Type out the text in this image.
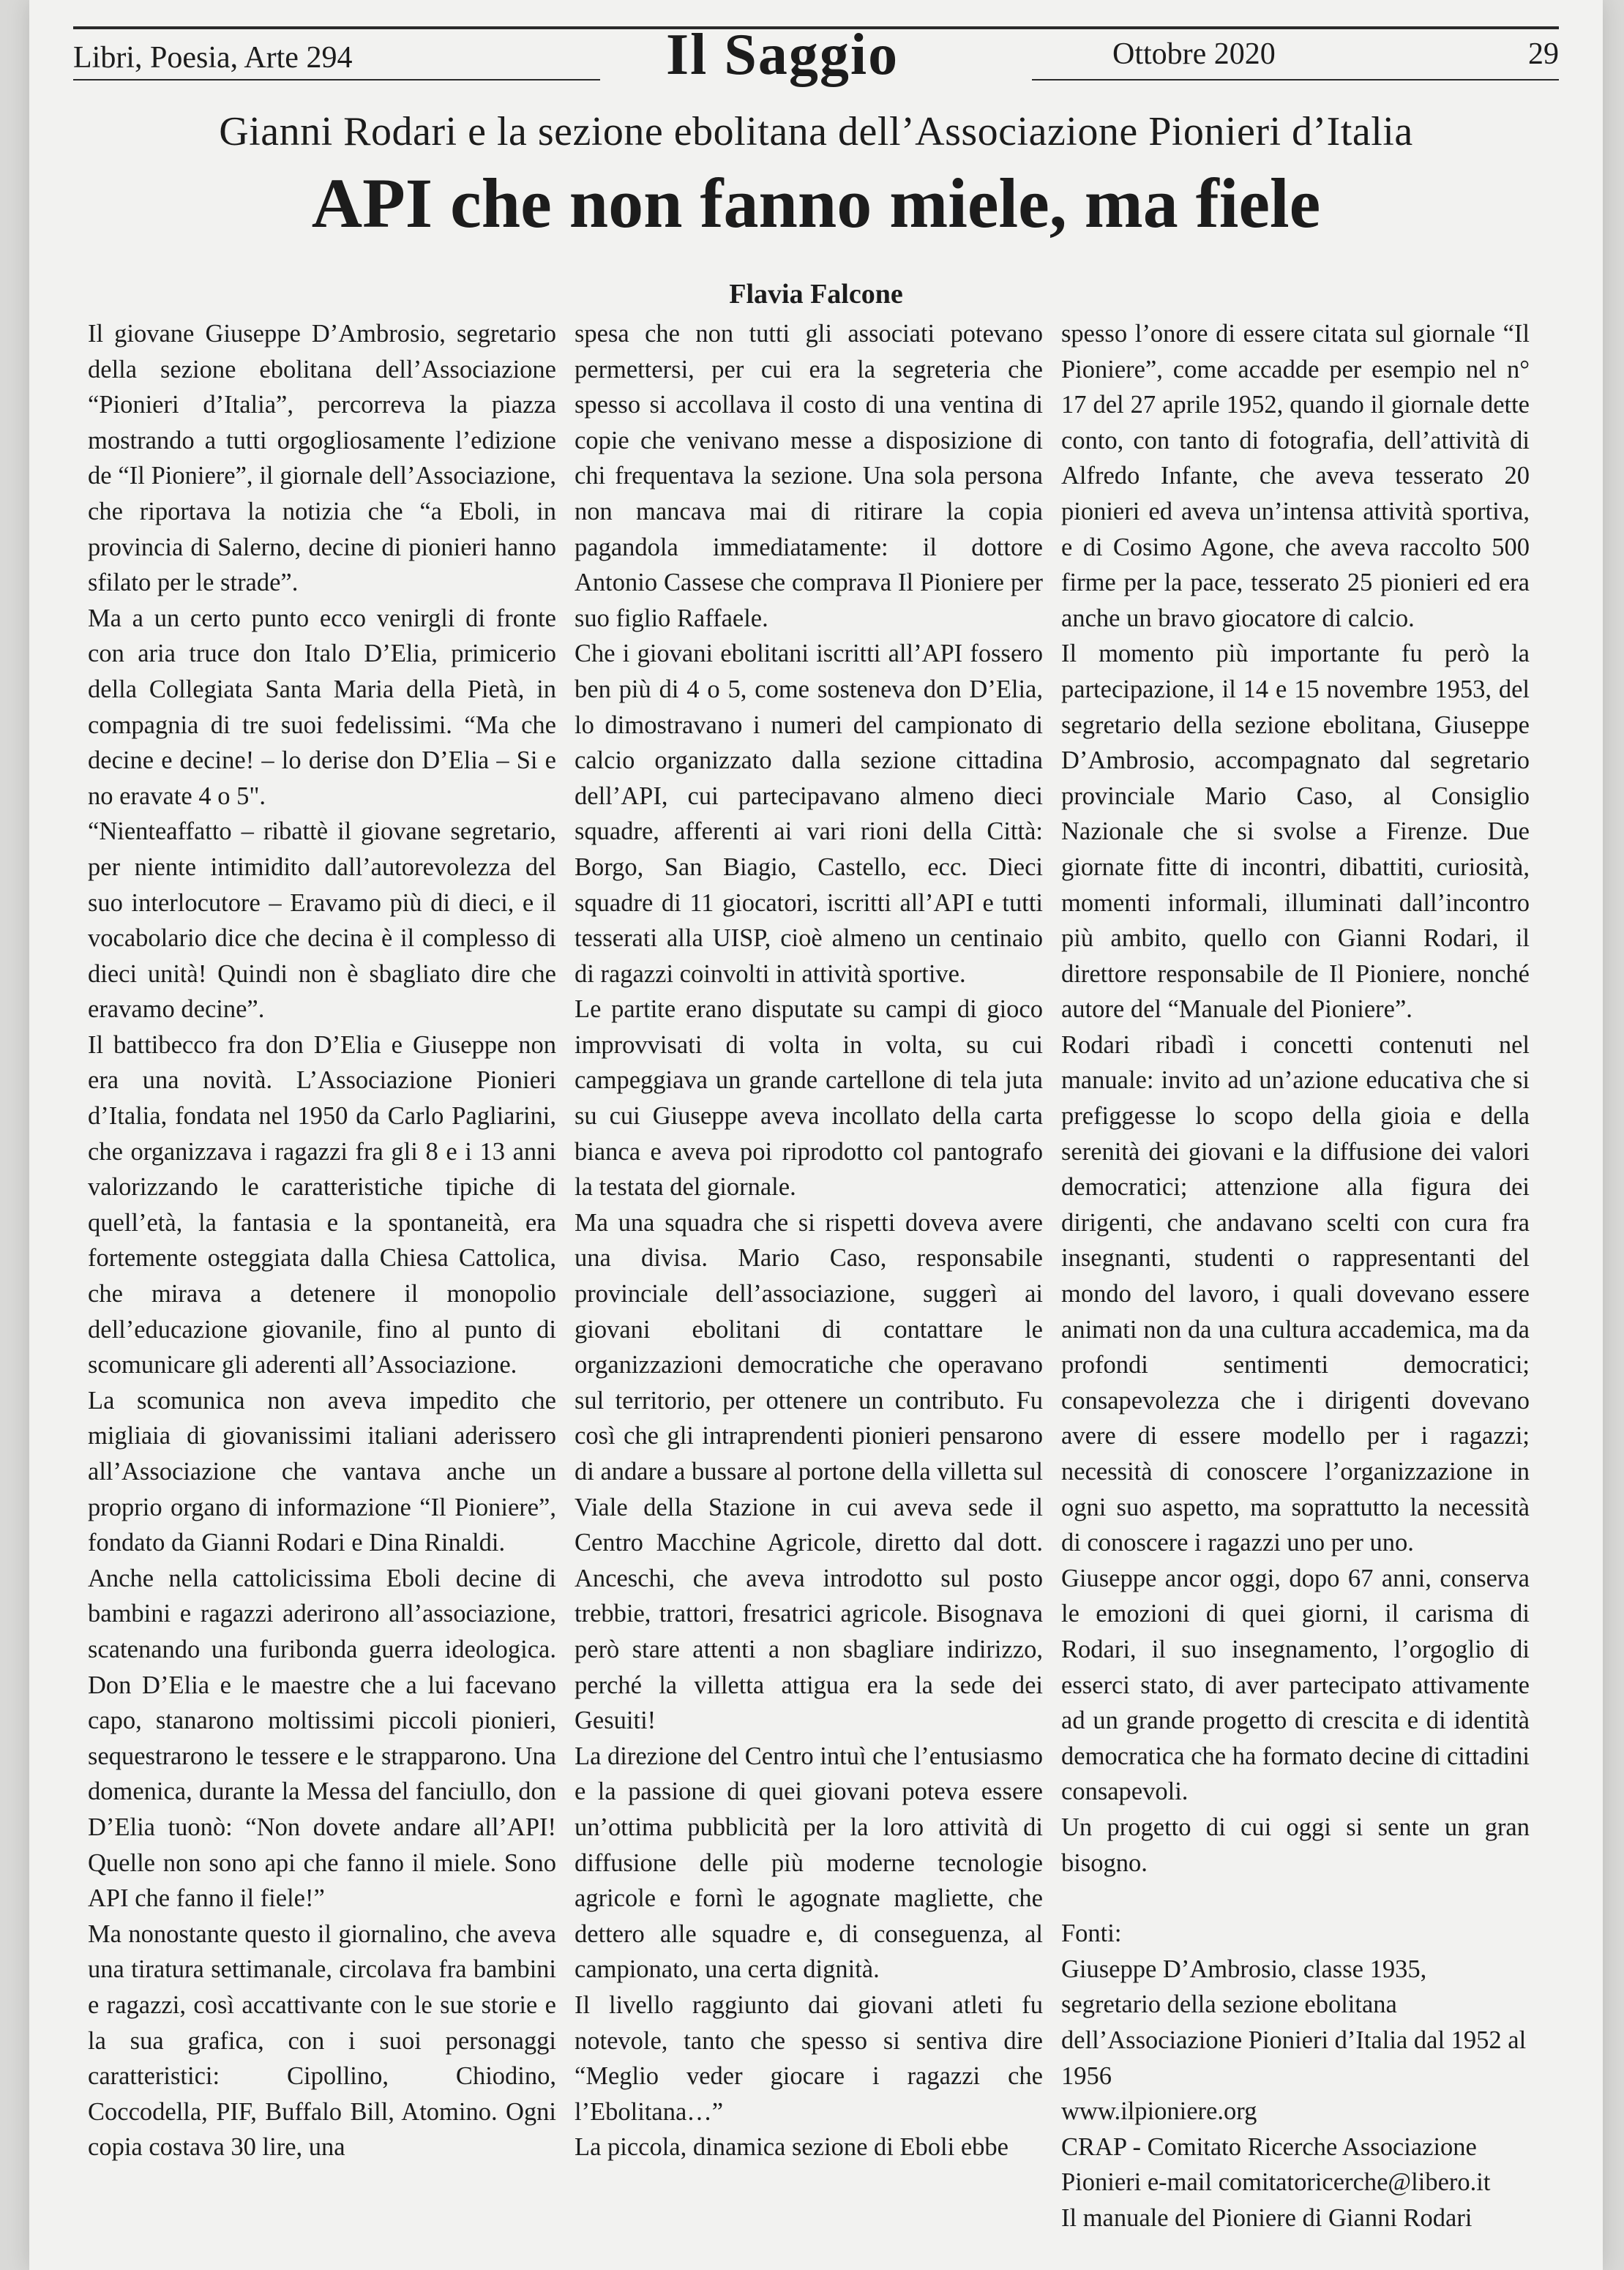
Libri, Poesia, Arte 294	Il Saggio	Ottobre 2020	29
Gianni Rodari e la sezione ebolitana dell’Associazione Pionieri d’Italia
API che non fanno miele, ma fiele
Flavia Falcone

Il giovane Giuseppe D’Ambrosio, segretario della sezione ebolitana dell’Associazione “Pionieri d’Italia”, percorreva la piazza mostrando a tutti orgogliosamente l’edizione de “Il Pioniere”, il giornale dell’Associazione, che riportava la notizia che “a Eboli, in provincia di Salerno, decine di pionieri hanno sfilato per le strade”.

Ma a un certo punto ecco venirgli di fronte con aria truce don Italo D’Elia, primicerio della Collegiata Santa Maria della Pietà, in compagnia di tre suoi fedelissimi. “Ma che decine e decine! – lo derise don D’Elia – Si e no eravate 4 o 5".

“Nienteaffatto – ribattè il giovane segretario, per niente intimidito dall’autorevolezza del suo interlocutore – Eravamo più di dieci, e il vocabolario dice che decina è il complesso di dieci unità! Quindi non è sbagliato dire che eravamo decine”.

Il battibecco fra don D’Elia e Giuseppe non era una novità. L’Associazione Pionieri d’Italia, fondata nel 1950 da Carlo Pagliarini, che organizzava i ragazzi fra gli 8 e i 13 anni valorizzando le caratteristiche tipiche di quell’età, la fantasia e la spontaneità, era fortemente osteggiata dalla Chiesa Cattolica, che mirava a detenere il monopolio dell’educazione giovanile, fino al punto di scomunicare gli aderenti all’Associazione.

La scomunica non aveva impedito che migliaia di giovanissimi italiani aderissero all’Associazione che vantava anche un proprio organo di informazione “Il Pioniere”, fondato da Gianni Rodari e Dina Rinaldi.

Anche nella cattolicissima Eboli decine di bambini e ragazzi aderirono all’associazione, scatenando una furibonda guerra ideologica. Don D’Elia e le maestre che a lui facevano capo, stanarono moltissimi piccoli pionieri, sequestrarono le tessere e le strapparono. Una domenica, durante la Messa del fanciullo, don D’Elia tuonò: “Non dovete andare all’API! Quelle non sono api che fanno il miele. Sono API che fanno il fiele!”

Ma nonostante questo il giornalino, che aveva una tiratura settimanale, circolava fra bambini e ragazzi, così accattivante con le sue storie e la sua grafica, con i suoi personaggi caratteristici: Cipollino, Chiodino, Coccodella, PIF, Buffalo Bill, Atomino. Ogni copia costava 30 lire, una

spesa che non tutti gli associati potevano permettersi, per cui era la segreteria che spesso si accollava il costo di una ventina di copie che venivano messe a disposizione di chi frequentava la sezione. Una sola persona non mancava mai di ritirare la copia pagandola immediatamente: il dottore Antonio Cassese che comprava Il Pioniere per suo figlio Raffaele.

Che i giovani ebolitani iscritti all’API fossero ben più di 4 o 5, come sosteneva don D’Elia, lo dimostravano i numeri del campionato di calcio organizzato dalla sezione cittadina dell’API, cui partecipavano almeno dieci squadre, afferenti ai vari rioni della Città: Borgo, San Biagio, Castello, ecc. Dieci squadre di 11 giocatori, iscritti all’API e tutti tesserati alla UISP, cioè almeno un centinaio di ragazzi coinvolti in attività sportive.

Le partite erano disputate su campi di gioco improvvisati di volta in volta, su cui campeggiava un grande cartellone di tela juta su cui Giuseppe aveva incollato della carta bianca e aveva poi riprodotto col pantografo la testata del giornale.

Ma una squadra che si rispetti doveva avere una divisa. Mario Caso, responsabile provinciale dell’associazione, suggerì ai giovani ebolitani di contattare le organizzazioni democratiche che operavano sul territorio, per ottenere un contributo. Fu così che gli intraprendenti pionieri pensarono di andare a bussare al portone della villetta sul Viale della Stazione in cui aveva sede il Centro Macchine Agricole, diretto dal dott. Anceschi, che aveva introdotto sul posto trebbie, trattori, fresatrici agricole. Bisognava però stare attenti a non sbagliare indirizzo, perché la villetta attigua era la sede dei Gesuiti!

La direzione del Centro intuì che l’entusiasmo e la passione di quei giovani poteva essere un’ottima pubblicità per la loro attività di diffusione delle più moderne tecnologie agricole e fornì le agognate magliette, che dettero alle squadre e, di conseguenza, al campionato, una certa dignità.

Il livello raggiunto dai giovani atleti fu notevole, tanto che spesso si sentiva dire “Meglio veder giocare i ragazzi che l’Ebolitana…”

La piccola, dinamica sezione di Eboli ebbe

spesso l’onore di essere citata sul giornale “Il Pioniere”, come accadde per esempio nel n° 17 del 27 aprile 1952, quando il giornale dette conto, con tanto di fotografia, dell’attività di Alfredo Infante, che aveva tesserato 20 pionieri ed aveva un’intensa attività sportiva, e di Cosimo Agone, che aveva raccolto 500 firme per la pace, tesserato 25 pionieri ed era anche un bravo giocatore di calcio.

Il momento più importante fu però la partecipazione, il 14 e 15 novembre 1953, del segretario della sezione ebolitana, Giuseppe D’Ambrosio, accompagnato dal segretario provinciale Mario Caso, al Consiglio Nazionale che si svolse a Firenze. Due giornate fitte di incontri, dibattiti, curiosità, momenti informali, illuminati dall’incontro più ambito, quello con Gianni Rodari, il direttore responsabile de Il Pioniere, nonché autore del “Manuale del Pioniere”.

Rodari ribadì i concetti contenuti nel manuale: invito ad un’azione educativa che si prefiggesse lo scopo della gioia e della serenità dei giovani e la diffusione dei valori democratici; attenzione alla figura dei dirigenti, che andavano scelti con cura fra insegnanti, studenti o rappresentanti del mondo del lavoro, i quali dovevano essere animati non da una cultura accademica, ma da profondi sentimenti democratici; consapevolezza che i dirigenti dovevano avere di essere modello per i ragazzi; necessità di conoscere l’organizzazione in ogni suo aspetto, ma soprattutto la necessità di conoscere i ragazzi uno per uno.

Giuseppe ancor oggi, dopo 67 anni, conserva le emozioni di quei giorni, il carisma di Rodari, il suo insegnamento, l’orgoglio di esserci stato, di aver partecipato attivamente ad un grande progetto di crescita e di identità democratica che ha formato decine di cittadini consapevoli.

Un progetto di cui oggi si sente un gran bisogno.

Fonti:

Giuseppe D’Ambrosio, classe 1935, segretario della sezione ebolitana dell’Associazione Pionieri d’Italia dal 1952 al 1956

www.ilpioniere.org

CRAP - Comitato Ricerche Associazione Pionieri e-mail comitatoricerche@libero.it

Il manuale del Pioniere di Gianni Rodari
